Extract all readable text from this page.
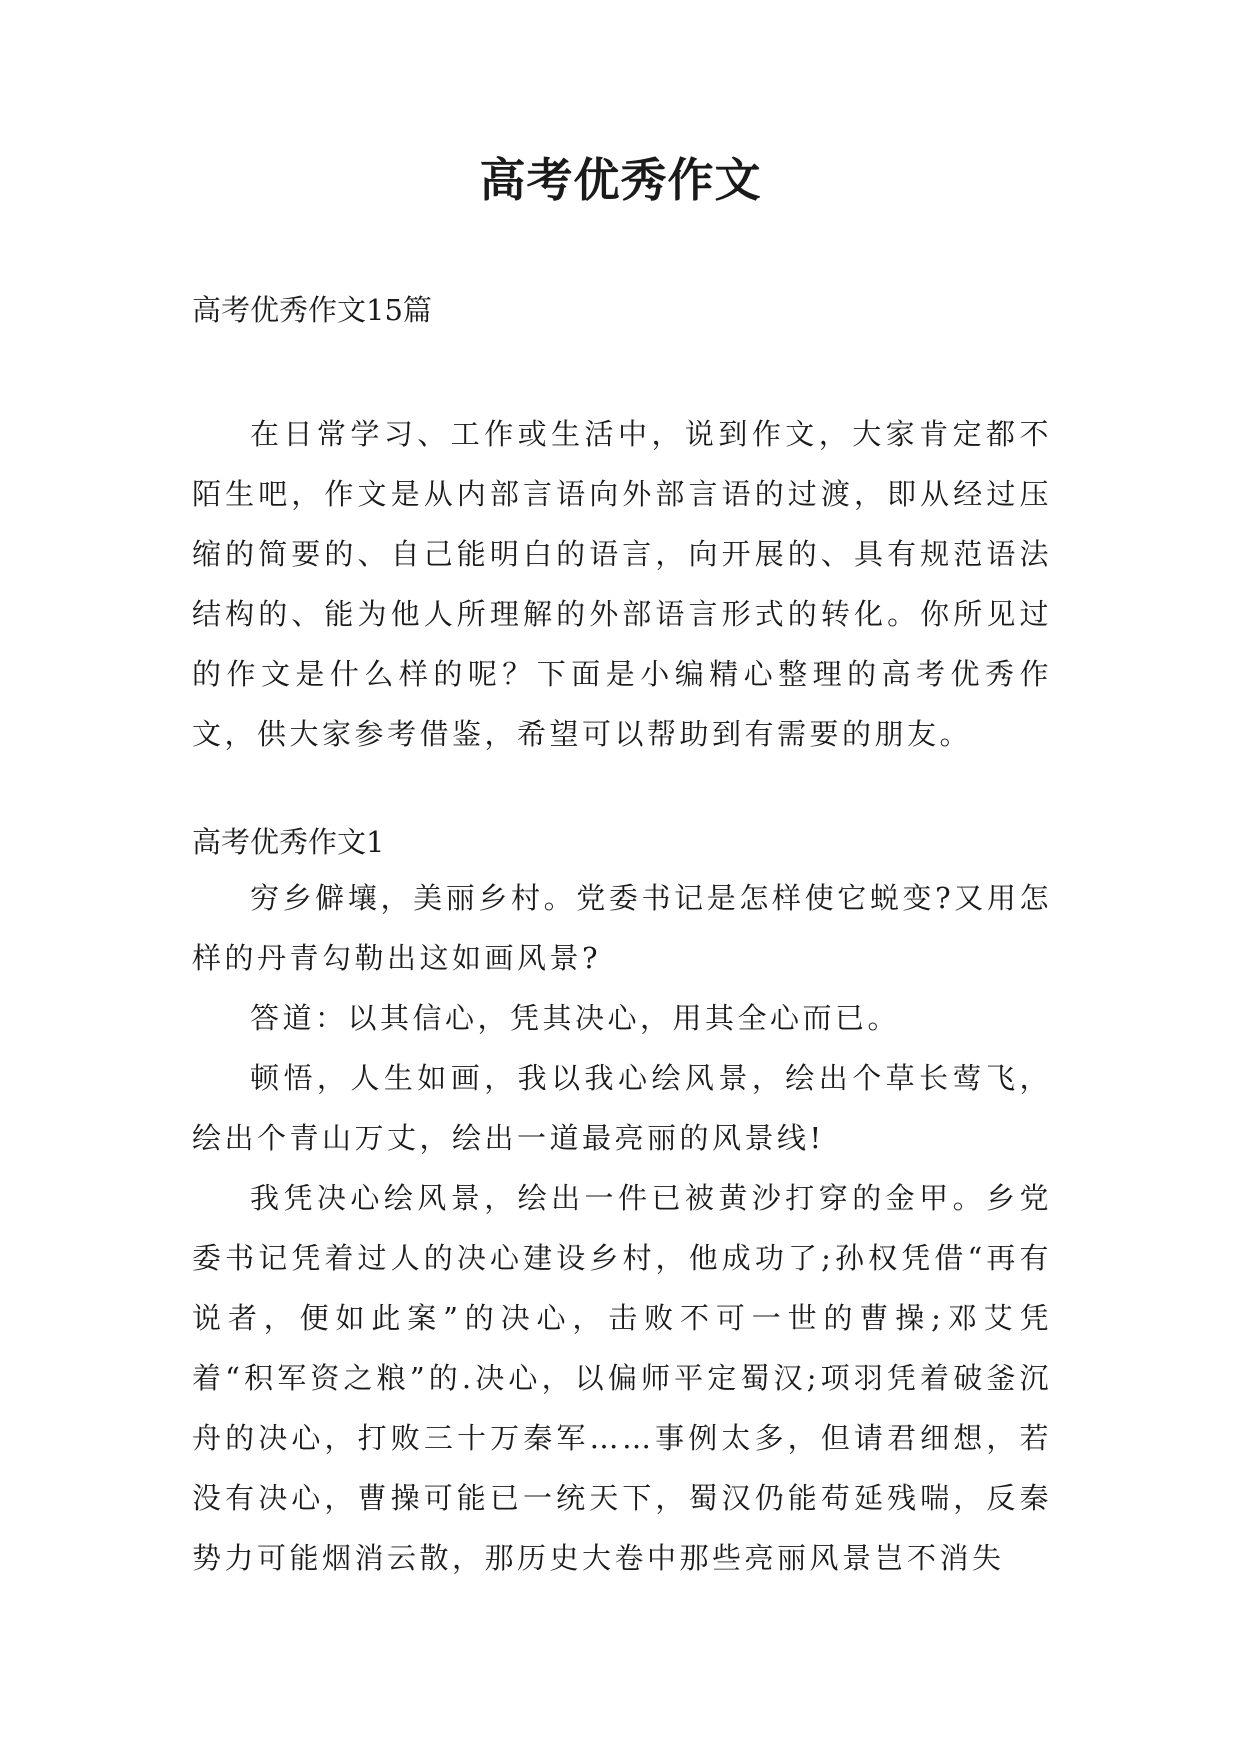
高考优秀作文
高考优秀作文15篇

在日常学习、工作或生活中，说到作文，大家肯定都不陌生吧，作文是从内部言语向外部言语的过渡，即从经过压缩的简要的、自己能明白的语言，向开展的、具有规范语法结构的、能为他人所理解的外部语言形式的转化。你所见过的作文是什么样的呢？下面是小编精心整理的高考优秀作文，供大家参考借鉴，希望可以帮助到有需要的朋友。

高考优秀作文1

穷乡僻壤，美丽乡村。党委书记是怎样使它蜕变?又用怎样的丹青勾勒出这如画风景?

答道：以其信心，凭其决心，用其全心而已。

顿悟，人生如画，我以我心绘风景，绘出个草长莺飞，绘出个青山万丈，绘出一道最亮丽的风景线!

我凭决心绘风景，绘出一件已被黄沙打穿的金甲。乡党委书记凭着过人的决心建设乡村，他成功了;孙权凭借“再有说者，便如此案”的决心，击败不可一世的曹操;邓艾凭着“积军资之粮”的.决心，以偏师平定蜀汉;项羽凭着破釜沉舟的决心，打败三十万秦军……事例太多，但请君细想，若没有决心，曹操可能已一统天下，蜀汉仍能苟延残喘，反秦势力可能烟消云散，那历史大卷中那些亮丽风景岂不消失
